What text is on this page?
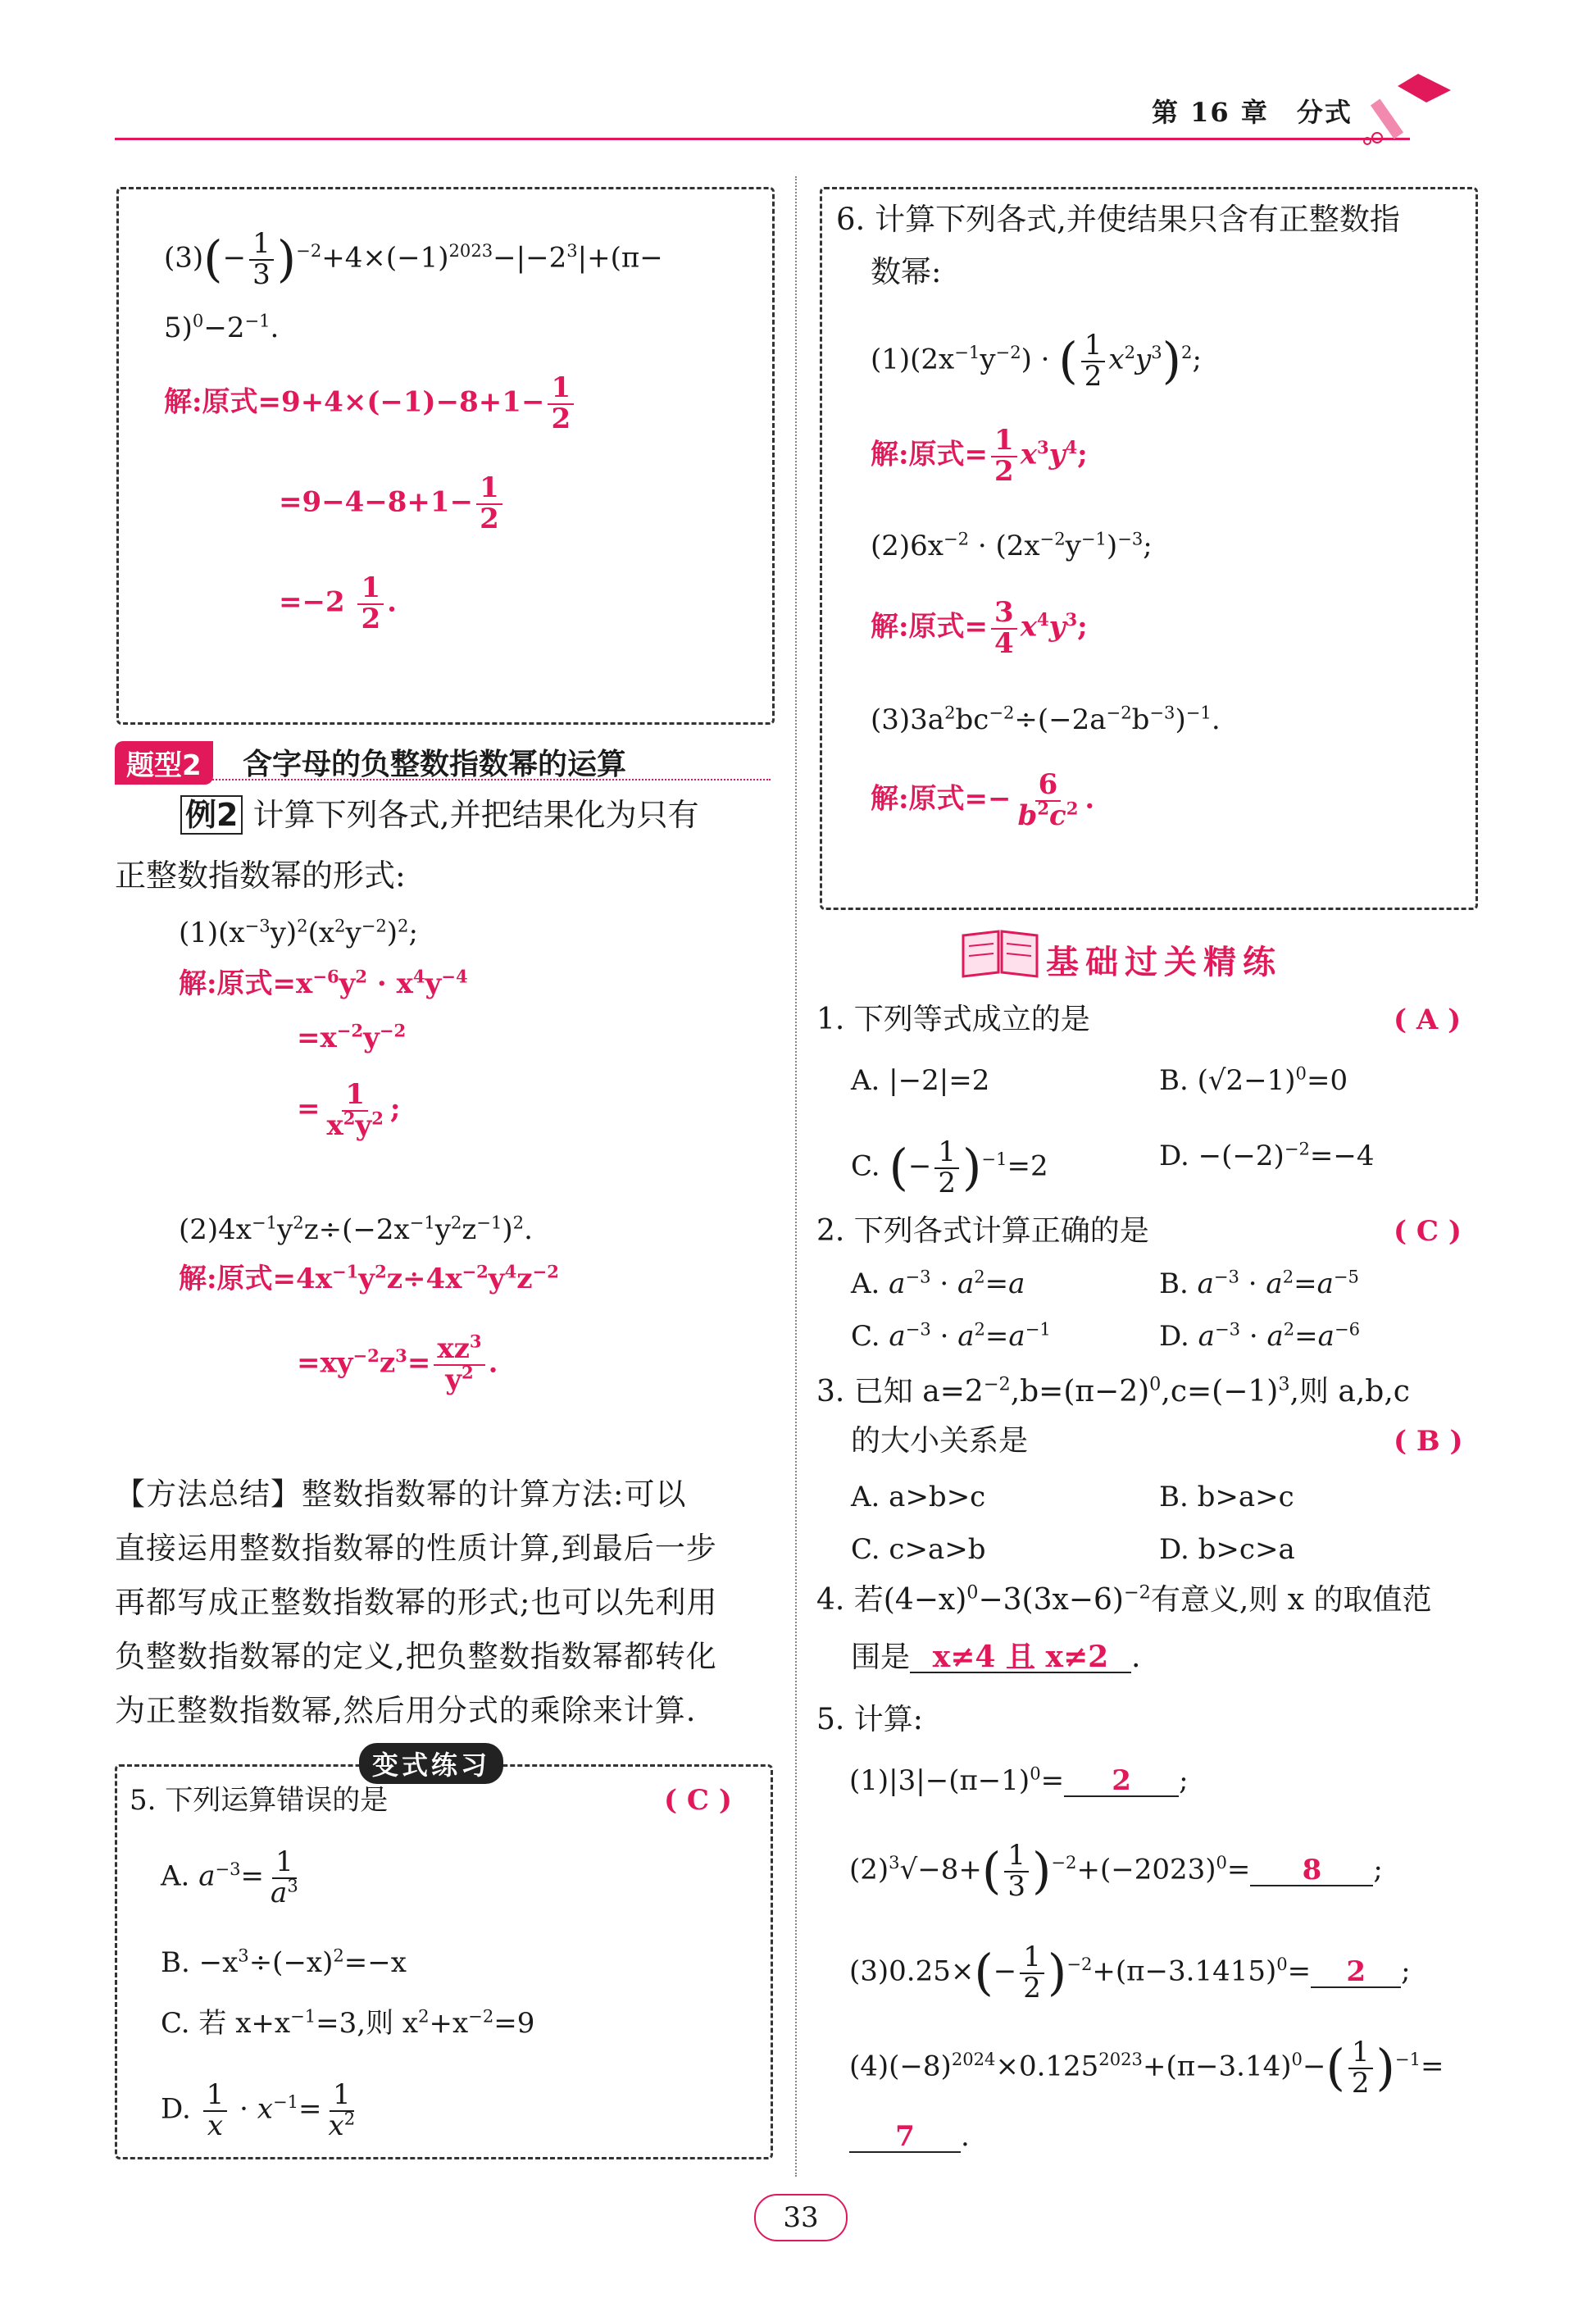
第 16 章　分式
$(3)(- \frac{1}{3} )^{-2}+4\times(-1)^{2023}-|-2^3|+(\pi-$
$5)^0-2^{-1}$.
解:原式$=9+4\times(-1)-8+1- \frac{1}{2}$
$=9-4-8+1- \frac{1}{2}$
$=-2 \frac{1}{2}$ .
题型2	含字母的负整数指数幂的运算
例2 计算下列各式,并把结果化为只有
正整数指数幂的形式:
$(1)(x^{-3}y)^2(x^2y^{-2})^2$;
解:原式$=x^{-6}y^2 \cdot x^4y^{-4}$
$=x^{-2}y^{-2}$
= $\frac{1}{x^2y^2}$ ;
$(2)4x^{-1}y^2z\div(-2x^{-1}y^2z^{-1})^2$.
解:原式$=4x^{-1}y^2z\div 4x^{-2}y^4z^{-2}$
$=xy^{-2}z^3= \frac{xz^3}{y^2}$ .
【方法总结】整数指数幂的计算方法:可以
直接运用整数指数幂的性质计算,到最后一步
再都写成正整数指数幂的形式;也可以先利用
负整数指数幂的定义,把负整数指数幂都转化
为正整数指数幂,然后用分式的乘除来计算.
变式练习
5. 下列运算错误的是	( C )
A. $a^{-3}= \frac{1}{a^3}$
B. $-x^3\div(-x)^2=-x$
C. 若 $x+x^{-1}=3$,则 $x^2+x^{-2}=9$
D. $\frac{1}{x} \cdot x^{-1}= \frac{1}{x^2}$
6. 计算下列各式,并使结果只含有正整数指
数幂:
$(1)(2x^{-1}y^{-2})$ · ( $\frac{1}{2} x^2y^3)^2$;
解:原式= $\frac{1}{2} x^3y^4$;
$(2)6x^{-2} \cdot (2x^{-2}y^{-1})^{-3}$;
解:原式= $\frac{3}{4} x^4y^3$;
$(3)3a^2bc^{-2}\div(-2a^{-2}b^{-3})^{-1}$.
解:原式=− $\frac{6}{b^2c^2}$ .
基础过关精练
1. 下列等式成立的是	( A )
A. |−2|=2	B. $(√2-1)^0=0$
C. (− $\frac{1}{2} )^{-1}=2$	D. $-(-2)^{-2}=-4$
2. 下列各式计算正确的是	( C )
A. $a^{-3} \cdot a^2=a$	B. $a^{-3} \cdot a^2=a^{-5}$
C. $a^{-3} \cdot a^2=a^{-1}$	D. $a^{-3} \cdot a^2=a^{-6}$
3. 已知 $a=2^{-2},b=(\pi-2)^0,c=(-1)^3$,则 a,b,c
的大小关系是	( B )
A. a>b>c	B. b>a>c
C. c>a>b	D. b>c>a
4. 若$(4-x)^0-3(3x-6)^{-2}$有意义,则 x 的取值范
围是 x≠4 且 x≠2 .
5. 计算:
$(1)|3|-(\pi-1)^0= 2$ ;
$(2)^3√-8+( \frac{1}{3} )^{-2}+(-2023)^0= 8$ ;
$(3)0.25\times(- \frac{1}{2} )^{-2}+(\pi-3.1415)^0= 2$ ;
$(4)(-8)^{2024}\times 0.125^{2023}+(\pi-3.14)^0-( \frac{1}{2} )^{-1}=$
7 .
33
